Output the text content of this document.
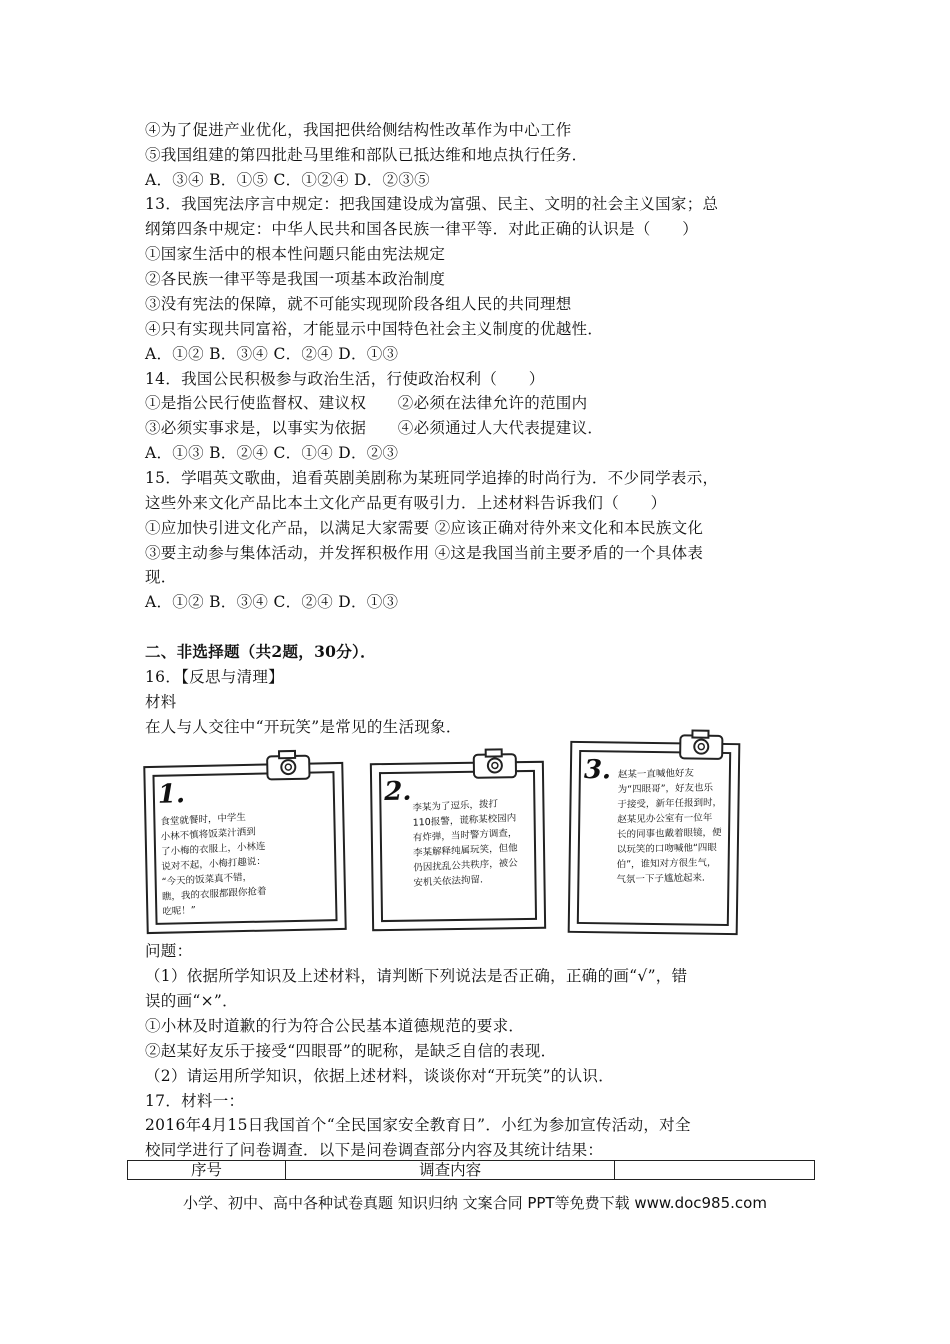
④为了促进产业优化，我国把供给侧结构性改革作为中心工作
⑤我国组建的第四批赴马里维和部队已抵达维和地点执行任务．
A．③④ B．①⑤ C．①②④ D．②③⑤
13．我国宪法序言中规定：把我国建设成为富强、民主、文明的社会主义国家；总
纲第四条中规定：中华人民共和国各民族一律平等．对此正确的认识是（　　）
①国家生活中的根本性问题只能由宪法规定
②各民族一律平等是我国一项基本政治制度
③没有宪法的保障，就不可能实现现阶段各组人民的共同理想
④只有实现共同富裕，才能显示中国特色社会主义制度的优越性．
A．①② B．③④ C．②④ D．①③
14．我国公民积极参与政治生活，行使政治权利（　　）
①是指公民行使监督权、建议权　　②必须在法律允许的范围内
③必须实事求是，以事实为依据　　④必须通过人大代表提建议．
A．①③ B．②④ C．①④ D．②③
15．学唱英文歌曲，追看英剧美剧称为某班同学追捧的时尚行为．不少同学表示，
这些外来文化产品比本土文化产品更有吸引力．上述材料告诉我们（　　）
①应加快引进文化产品，以满足大家需要 ②应该正确对待外来文化和本民族文化
③要主动参与集体活动，并发挥积极作用 ④这是我国当前主要矛盾的一个具体表
现．
A．①② B．③④ C．②④ D．①③
二、非选择题（共2题，30分）．
16．【反思与清理】
材料
在人与人交往中“开玩笑”是常见的生活现象．
1.
食堂就餐时，中学生
小林不慎将饭菜汁洒到
了小梅的衣服上，小林连
说对不起，小梅打趣说：
“今天的饭菜真不错，
瞧，我的衣服都跟你抢着
吃呢！”
2. 李某为了逗乐，拨打
110报警，谎称某校园内
有炸弹，当时警方调查，
李某解释纯属玩笑，但他
仍因扰乱公共秩序，被公
安机关依法拘留．
3. 赵某一直喊他好友
为“四眼哥”，好友也乐
于接受，新年任报到时，
赵某见办公室有一位年
长的同事也戴着眼镜，便
以玩笑的口吻喊他“四眼
伯”，谁知对方很生气，
气氛一下子尴尬起来．
问题：
（1）依据所学知识及上述材料，请判断下列说法是否正确，正确的画“√”，错
误的画“×”．
①小林及时道歉的行为符合公民基本道德规范的要求．
②赵某好友乐于接受“四眼哥”的昵称，是缺乏自信的表现．
（2）请运用所学知识，依据上述材料，谈谈你对“开玩笑”的认识．
17．材料一：
2016年4月15日我国首个“全民国家安全教育日”．小红为参加宣传活动，对全
校同学进行了问卷调查．以下是问卷调查部分内容及其统计结果：
序号	调查内容	
小学、初中、高中各种试卷真题 知识归纳 文案合同 PPT等免费下载 www.doc985.com
